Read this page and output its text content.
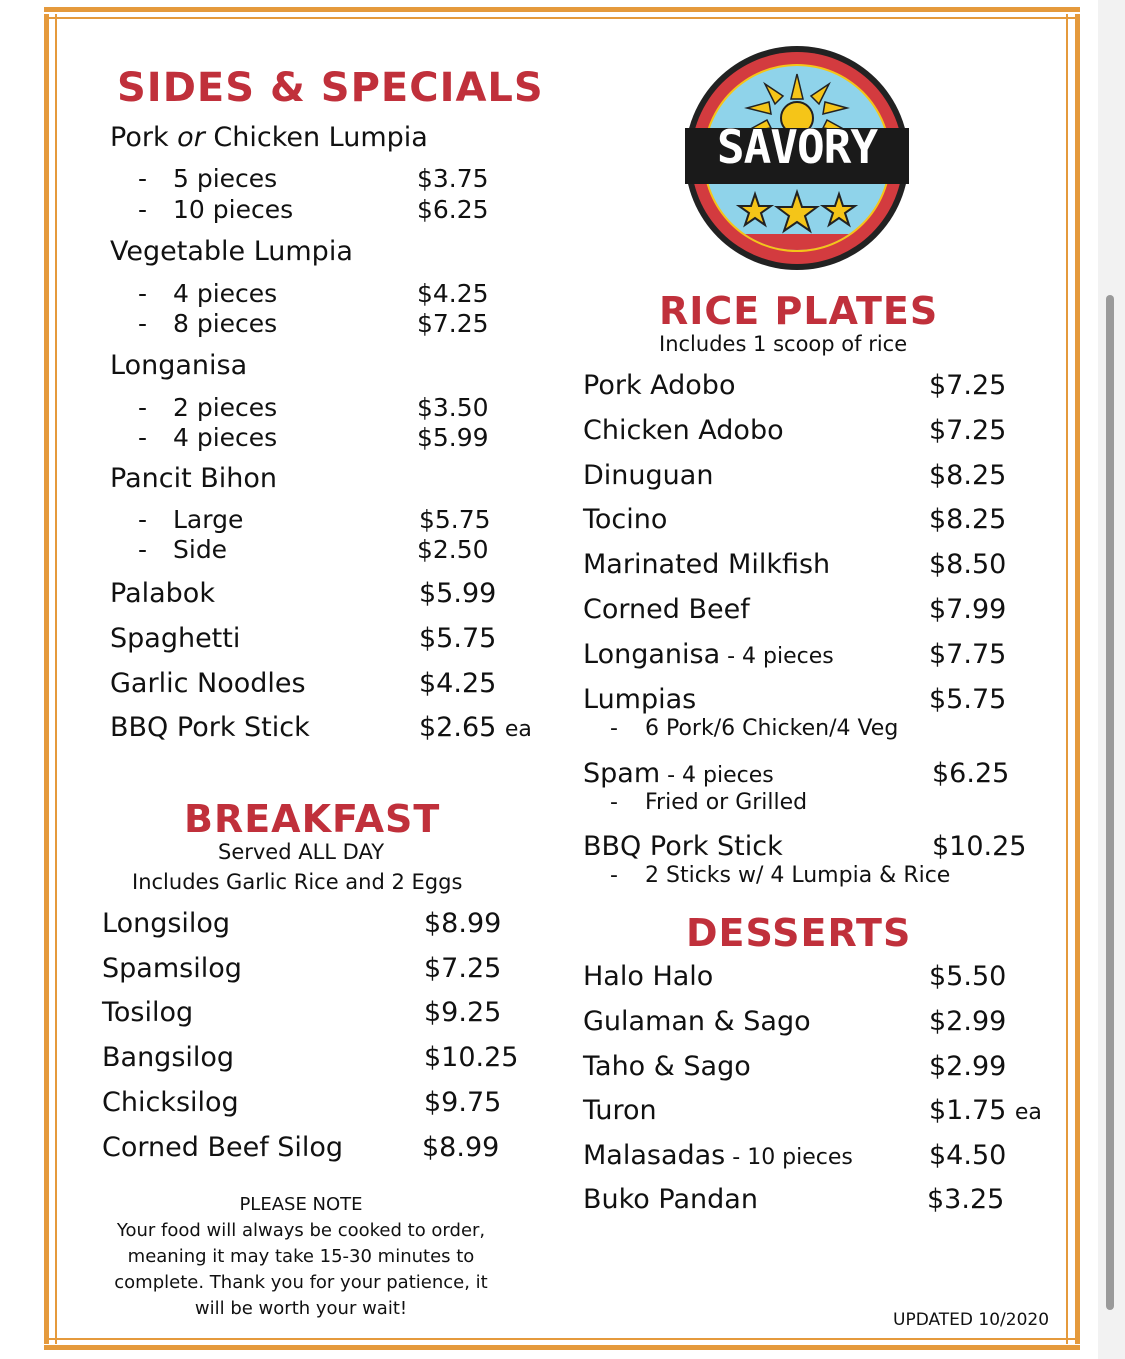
SIDES & SPECIALS
Pork or Chicken Lumpia
- 5 pieces	$3.75
- 10 pieces	$6.25
Vegetable Lumpia
- 4 pieces	$4.25
- 8 pieces	$7.25
Longanisa
- 2 pieces	$3.50
- 4 pieces	$5.99
Pancit Bihon
- Large	$5.75
- Side	$2.50
Palabok	$5.99
Spaghetti	$5.75
Garlic Noodles	$4.25
BBQ Pork Stick	$2.65 ea
BREAKFAST
Served ALL DAY
Includes Garlic Rice and 2 Eggs
Longsilog	$8.99
Spamsilog	$7.25
Tosilog	$9.25
Bangsilog	$10.25
Chicksilog	$9.75
Corned Beef Silog	$8.99
PLEASE NOTE
Your food will always be cooked to order,
meaning it may take 15-30 minutes to
complete. Thank you for your patience, it
will be worth your wait!
SAVORY
RICE PLATES
Includes 1 scoop of rice
Pork Adobo	$7.25
Chicken Adobo	$7.25
Dinuguan	$8.25
Tocino	$8.25
Marinated Milkfish	$8.50
Corned Beef	$7.99
Longanisa - 4 pieces	$7.75
Lumpias	$5.75
- 6 Pork/6 Chicken/4 Veg
Spam - 4 pieces	$6.25
- Fried or Grilled
BBQ Pork Stick	$10.25
- 2 Sticks w/ 4 Lumpia & Rice
DESSERTS
Halo Halo	$5.50
Gulaman & Sago	$2.99
Taho & Sago	$2.99
Turon	$1.75 ea
Malasadas - 10 pieces	$4.50
Buko Pandan	$3.25
UPDATED 10/2020
